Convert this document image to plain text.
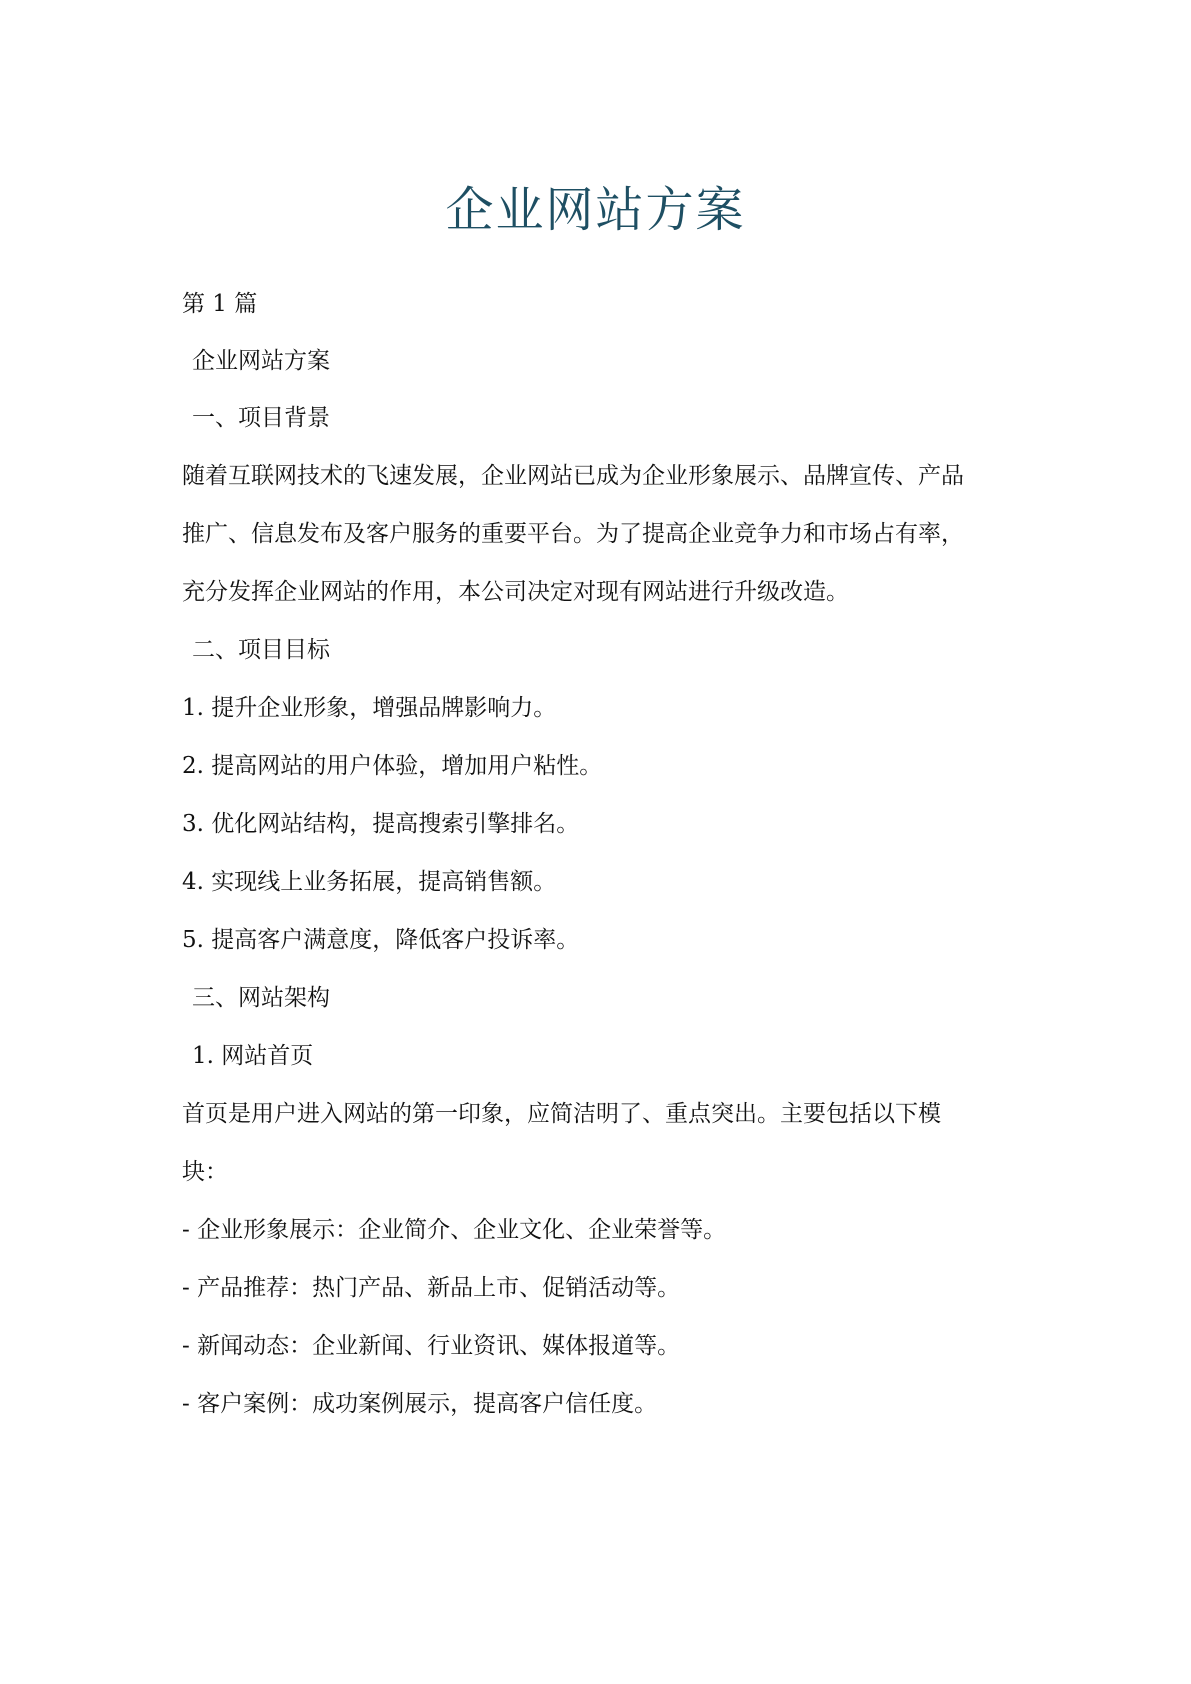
企业网站方案
第 1 篇
企业网站方案
一、项目背景
随着互联网技术的飞速发展，企业网站已成为企业形象展示、品牌宣传、产品
推广、信息发布及客户服务的重要平台。为了提高企业竞争力和市场占有率，
充分发挥企业网站的作用，本公司决定对现有网站进行升级改造。
二、项目目标
1. 提升企业形象，增强品牌影响力。
2. 提高网站的用户体验，增加用户粘性。
3. 优化网站结构，提高搜索引擎排名。
4. 实现线上业务拓展，提高销售额。
5. 提高客户满意度，降低客户投诉率。
三、网站架构
1. 网站首页
首页是用户进入网站的第一印象，应简洁明了、重点突出。主要包括以下模
块：
- 企业形象展示：企业简介、企业文化、企业荣誉等。
- 产品推荐：热门产品、新品上市、促销活动等。
- 新闻动态：企业新闻、行业资讯、媒体报道等。
- 客户案例：成功案例展示，提高客户信任度。
